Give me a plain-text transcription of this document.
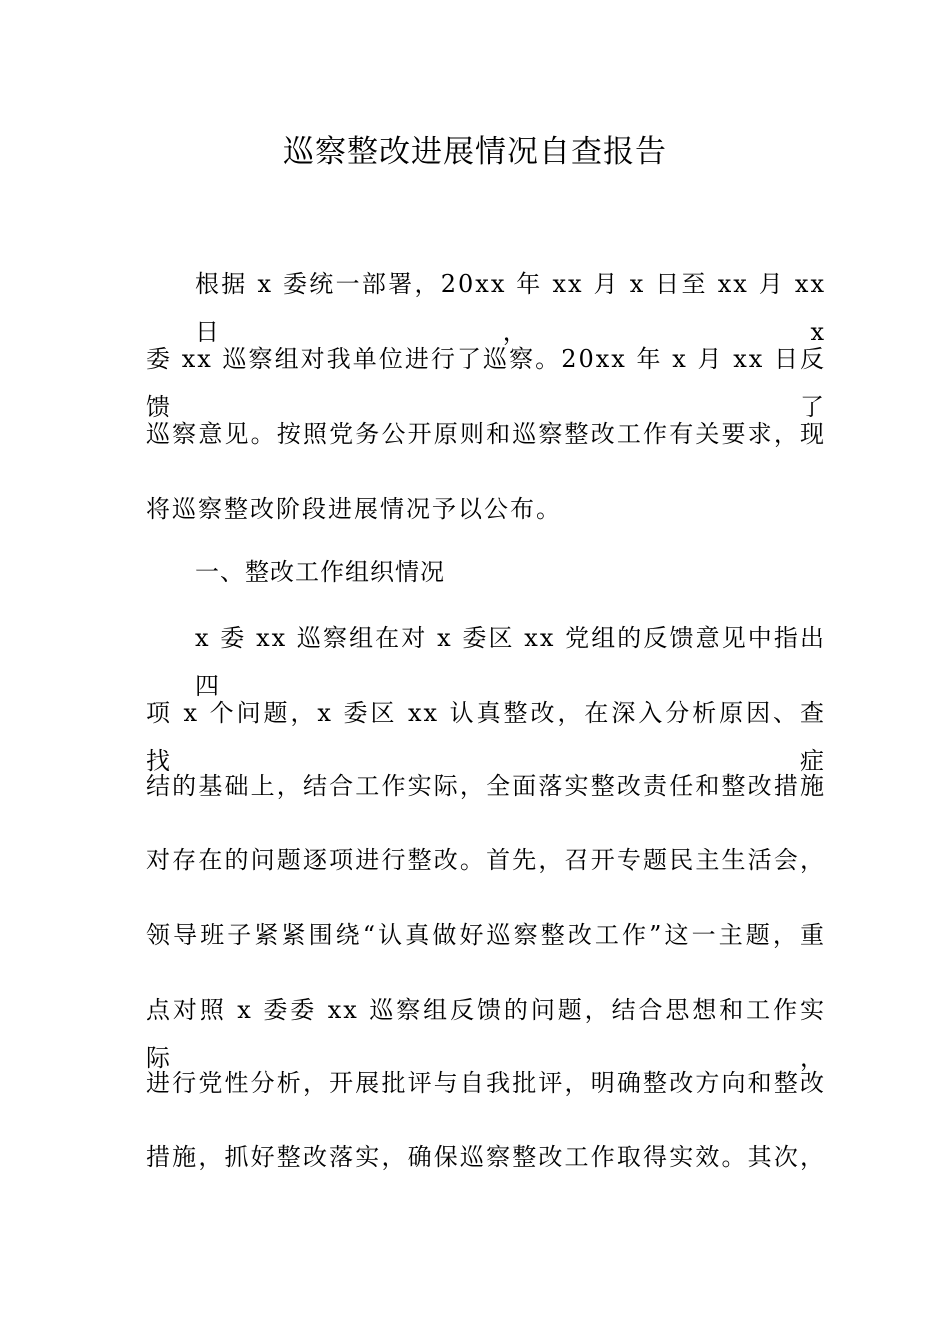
巡察整改进展情况自查报告

根据 x 委统一部署，20xx 年 xx 月 x 日至 xx 月 xx 日，x

委 xx 巡察组对我单位进行了巡察。20xx 年 x 月 xx 日反馈了

巡察意见。按照党务公开原则和巡察整改工作有关要求，现

将巡察整改阶段进展情况予以公布。

一、整改工作组织情况

x 委 xx 巡察组在对 x 委区 xx 党组的反馈意见中指出四

项 x 个问题，x 委区 xx 认真整改，在深入分析原因、查找症

结的基础上，结合工作实际，全面落实整改责任和整改措施

对存在的问题逐项进行整改。首先，召开专题民主生活会，

领导班子紧紧围绕“认真做好巡察整改工作”这一主题，重

点对照 x 委委 xx 巡察组反馈的问题，结合思想和工作实际，

进行党性分析，开展批评与自我批评，明确整改方向和整改

措施，抓好整改落实，确保巡察整改工作取得实效。其次，
